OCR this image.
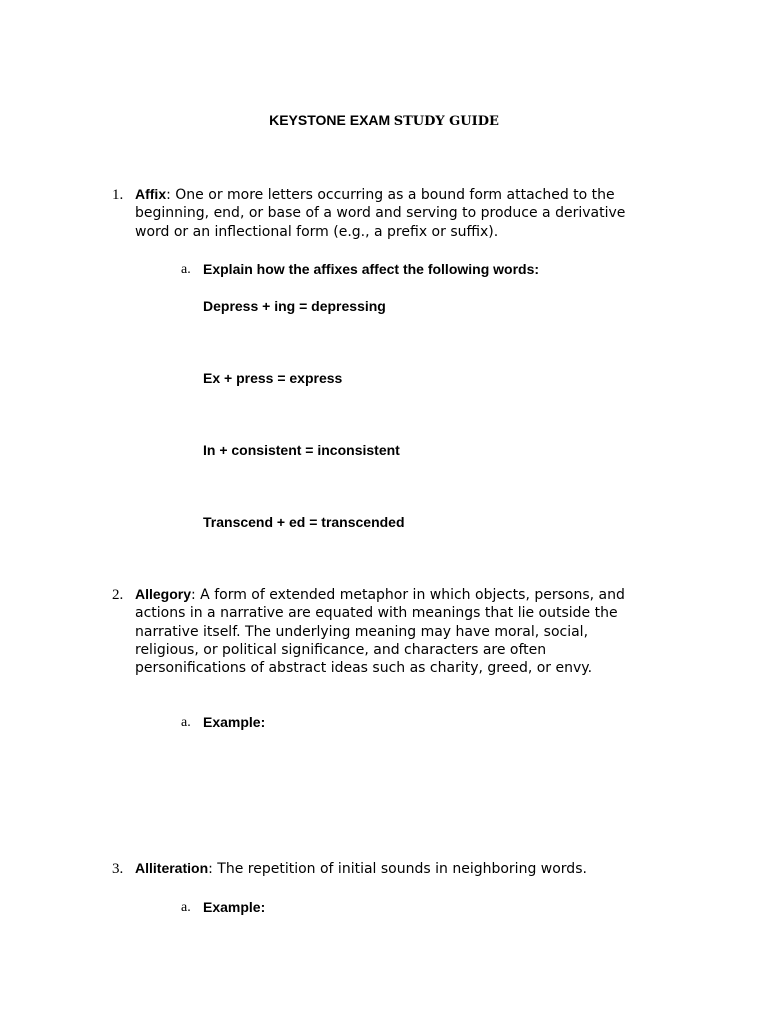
KEYSTONE EXAM STUDY GUIDE
1. Affix: One or more letters occurring as a bound form attached to the beginning, end, or base of a word and serving to produce a derivative word or an inflectional form (e.g., a prefix or suffix).
a. Explain how the affixes affect the following words:
Depress + ing = depressing
Ex + press = express
In + consistent = inconsistent
Transcend + ed = transcended
2. Allegory: A form of extended metaphor in which objects, persons, and actions in a narrative are equated with meanings that lie outside the narrative itself. The underlying meaning may have moral, social, religious, or political significance, and characters are often personifications of abstract ideas such as charity, greed, or envy.
a. Example:
3. Alliteration: The repetition of initial sounds in neighboring words.
a. Example:
